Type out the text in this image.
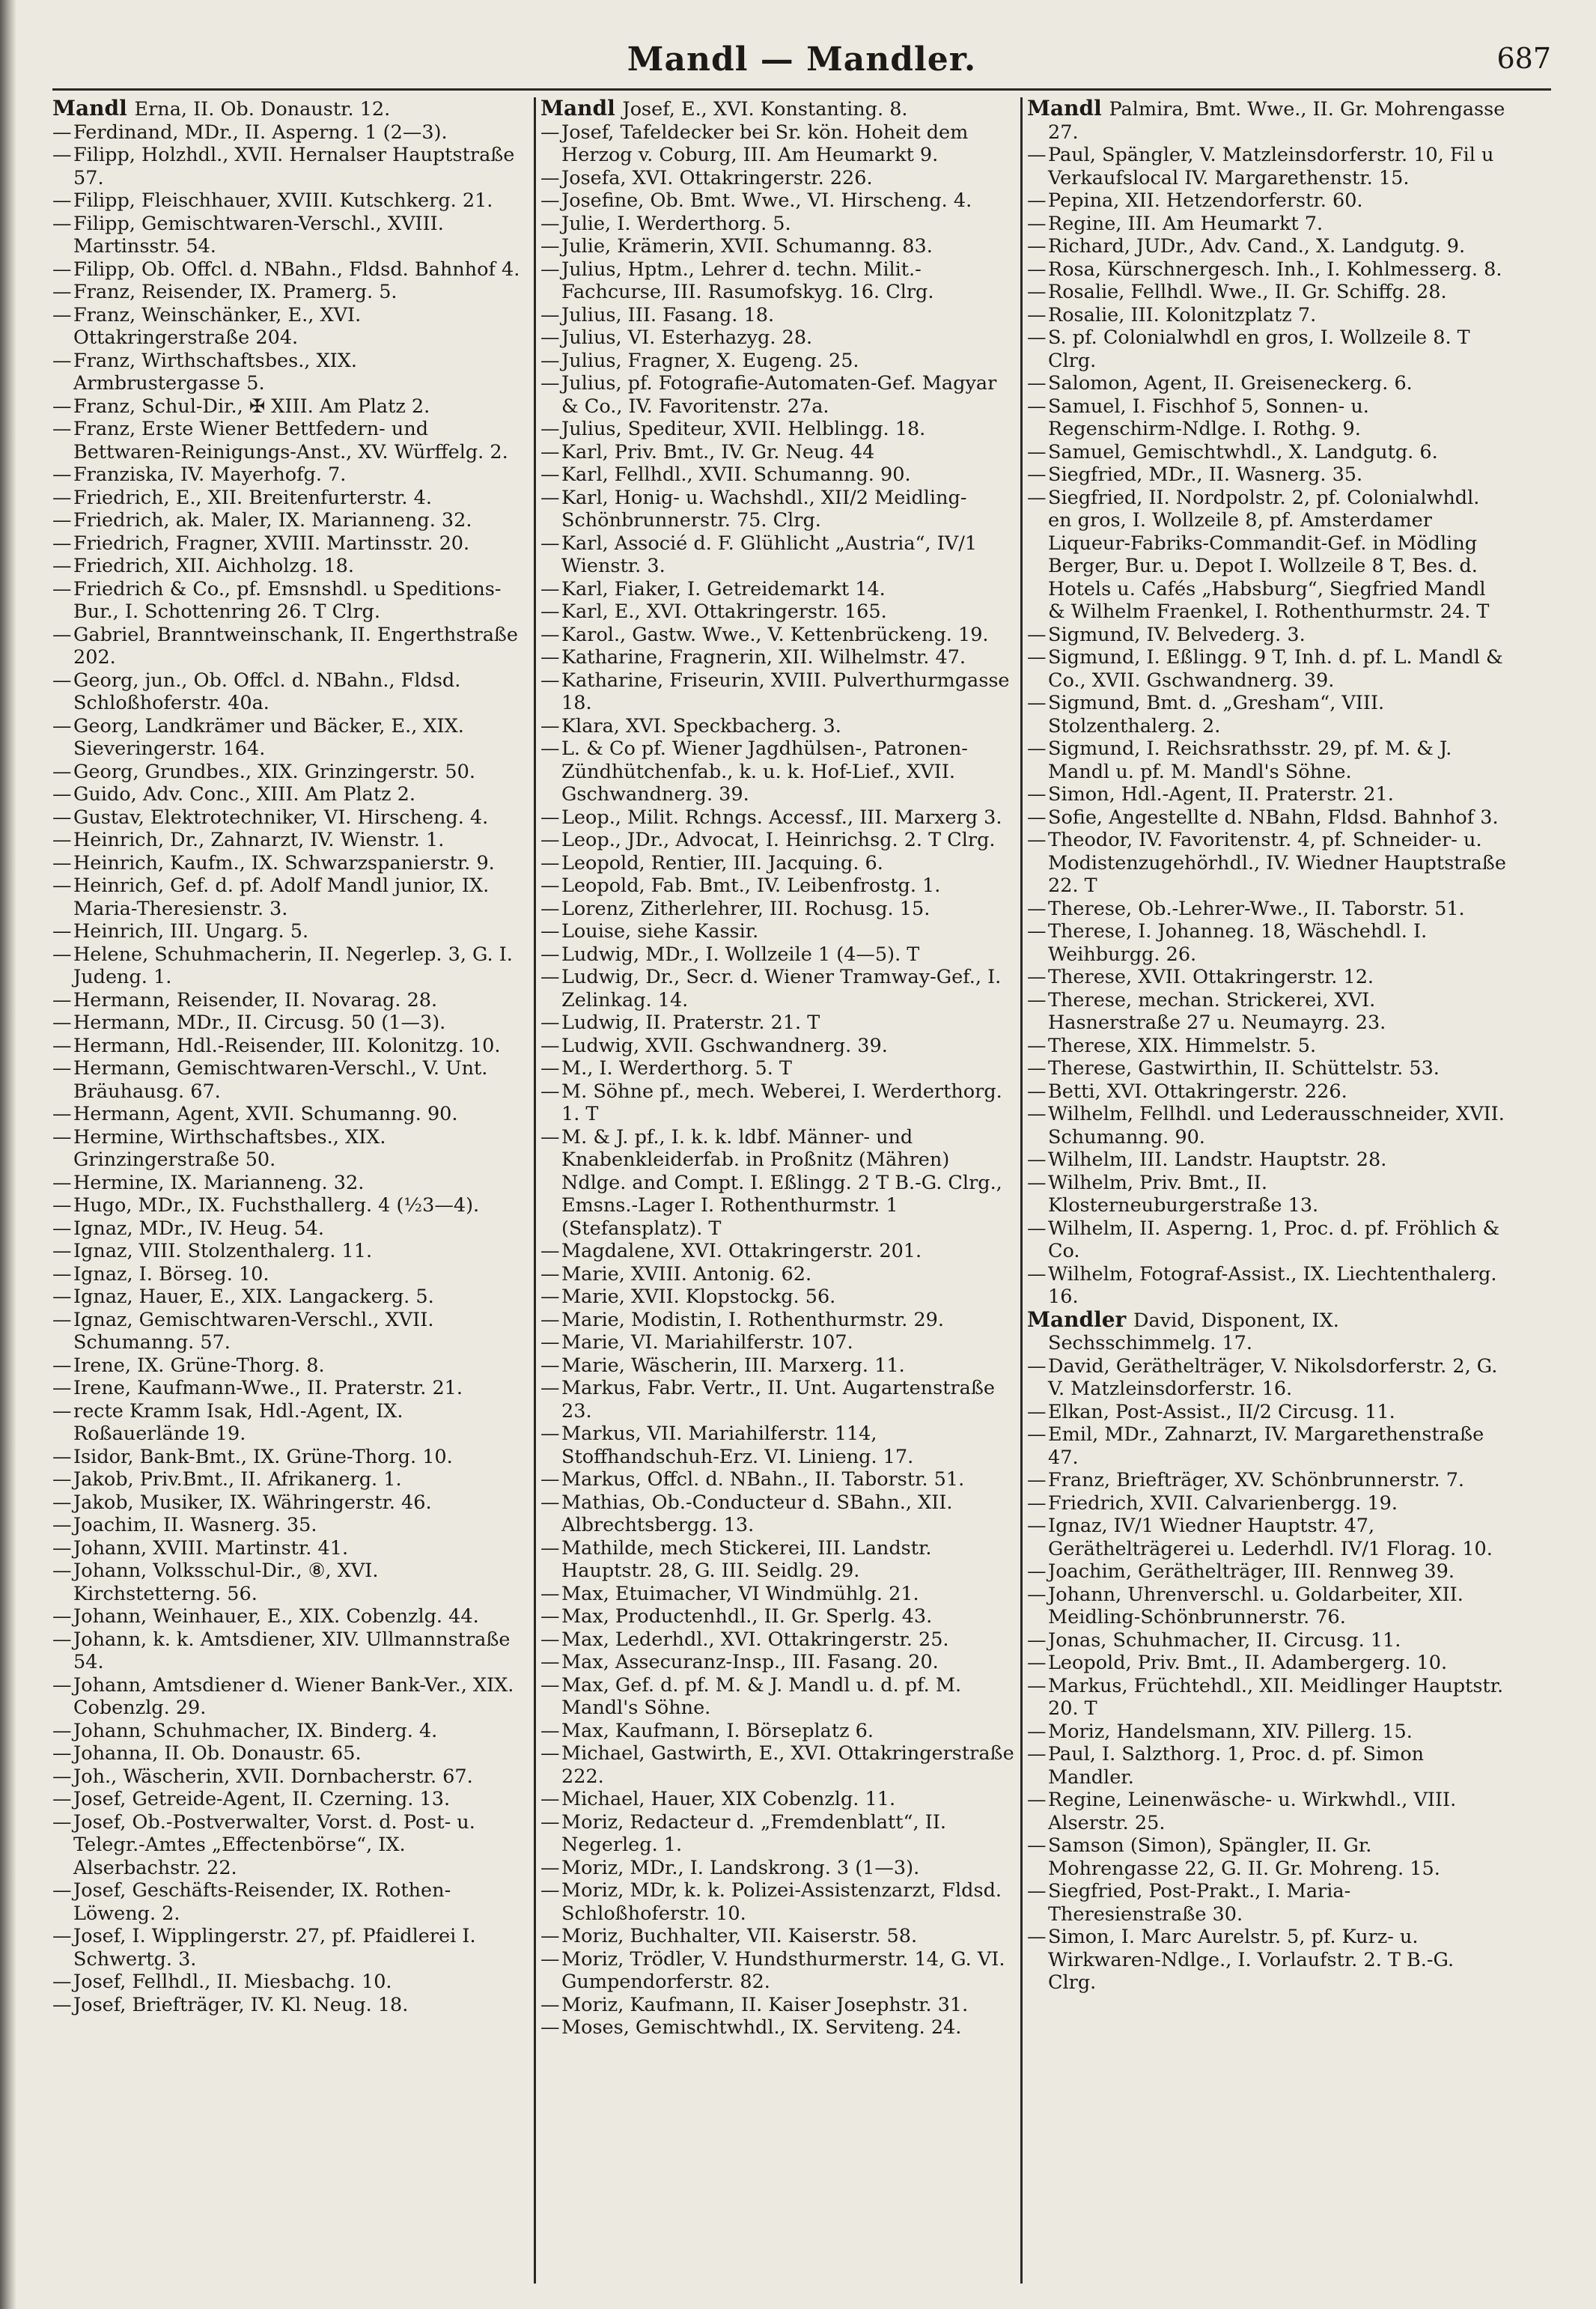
Mandl — Mandler.	687
Mandl Erna, II. Ob. Donaustr. 12.
—Ferdinand, MDr., II. Asperng. 1 (2—3).
—Filipp, Holzhdl., XVII. Hernalser Hauptstraße 57.
—Filipp, Fleischhauer, XVIII. Kutschkerg. 21.
—Filipp, Gemischtwaren-Verschl., XVIII. Martinsstr. 54.
—Filipp, Ob. Offcl. d. NBahn., Fldsd. Bahnhof 4.
—Franz, Reisender, IX. Pramerg. 5.
—Franz, Weinschänker, E., XVI. Ottakringerstraße 204.
—Franz, Wirthschaftsbes., XIX. Armbrustergasse 5.
—Franz, Schul-Dir., ✠ XIII. Am Platz 2.
—Franz, Erste Wiener Bettfedern- und Bettwaren-Reinigungs-Anst., XV. Würffelg. 2.
—Franziska, IV. Mayerhofg. 7.
—Friedrich, E., XII. Breitenfurterstr. 4.
—Friedrich, ak. Maler, IX. Marianneng. 32.
—Friedrich, Fragner, XVIII. Martinsstr. 20.
—Friedrich, XII. Aichholzg. 18.
—Friedrich & Co., pf. Emsnshdl. u Speditions-Bur., I. Schottenring 26. T Clrg.
—Gabriel, Branntweinschank, II. Engerthstraße 202.
—Georg, jun., Ob. Offcl. d. NBahn., Fldsd. Schloßhoferstr. 40a.
—Georg, Landkrämer und Bäcker, E., XIX. Sieveringerstr. 164.
—Georg, Grundbes., XIX. Grinzingerstr. 50.
—Guido, Adv. Conc., XIII. Am Platz 2.
—Gustav, Elektrotechniker, VI. Hirscheng. 4.
—Heinrich, Dr., Zahnarzt, IV. Wienstr. 1.
—Heinrich, Kaufm., IX. Schwarzspanierstr. 9.
—Heinrich, Gef. d. pf. Adolf Mandl junior, IX. Maria-Theresienstr. 3.
—Heinrich, III. Ungarg. 5.
—Helene, Schuhmacherin, II. Negerlep. 3, G. I. Judeng. 1.
—Hermann, Reisender, II. Novarag. 28.
—Hermann, MDr., II. Circusg. 50 (1—3).
—Hermann, Hdl.-Reisender, III. Kolonitzg. 10.
—Hermann, Gemischtwaren-Verschl., V. Unt. Bräuhausg. 67.
—Hermann, Agent, XVII. Schumanng. 90.
—Hermine, Wirthschaftsbes., XIX. Grinzingerstraße 50.
—Hermine, IX. Marianneng. 32.
—Hugo, MDr., IX. Fuchsthallerg. 4 (½3—4).
—Ignaz, MDr., IV. Heug. 54.
—Ignaz, VIII. Stolzenthalerg. 11.
—Ignaz, I. Börseg. 10.
—Ignaz, Hauer, E., XIX. Langackerg. 5.
—Ignaz, Gemischtwaren-Verschl., XVII. Schumanng. 57.
—Irene, IX. Grüne-Thorg. 8.
—Irene, Kaufmann-Wwe., II. Praterstr. 21.
—recte Kramm Isak, Hdl.-Agent, IX. Roßauerlände 19.
—Isidor, Bank-Bmt., IX. Grüne-Thorg. 10.
—Jakob, Priv.Bmt., II. Afrikanerg. 1.
—Jakob, Musiker, IX. Währingerstr. 46.
—Joachim, II. Wasnerg. 35.
—Johann, XVIII. Martinstr. 41.
—Johann, Volksschul-Dir., ⑧, XVI. Kirchstetterng. 56.
—Johann, Weinhauer, E., XIX. Cobenzlg. 44.
—Johann, k. k. Amtsdiener, XIV. Ullmannstraße 54.
—Johann, Amtsdiener d. Wiener Bank-Ver., XIX. Cobenzlg. 29.
—Johann, Schuhmacher, IX. Binderg. 4.
—Johanna, II. Ob. Donaustr. 65.
—Joh., Wäscherin, XVII. Dornbacherstr. 67.
—Josef, Getreide-Agent, II. Czerning. 13.
—Josef, Ob.-Postverwalter, Vorst. d. Post- u. Telegr.-Amtes „Effectenbörse“, IX. Alserbachstr. 22.
—Josef, Geschäfts-Reisender, IX. Rothen-Löweng. 2.
—Josef, I. Wipplingerstr. 27, pf. Pfaidlerei I. Schwertg. 3.
—Josef, Fellhdl., II. Miesbachg. 10.
—Josef, Briefträger, IV. Kl. Neug. 18.
Mandl Josef, E., XVI. Konstanting. 8.
—Josef, Tafeldecker bei Sr. kön. Hoheit dem Herzog v. Coburg, III. Am Heumarkt 9.
—Josefa, XVI. Ottakringerstr. 226.
—Josefine, Ob. Bmt. Wwe., VI. Hirscheng. 4.
—Julie, I. Werderthorg. 5.
—Julie, Krämerin, XVII. Schumanng. 83.
—Julius, Hptm., Lehrer d. techn. Milit.-Fachcurse, III. Rasumofskyg. 16. Clrg.
—Julius, III. Fasang. 18.
—Julius, VI. Esterhazyg. 28.
—Julius, Fragner, X. Eugeng. 25.
—Julius, pf. Fotografie-Automaten-Gef. Magyar & Co., IV. Favoritenstr. 27a.
—Julius, Spediteur, XVII. Helblingg. 18.
—Karl, Priv. Bmt., IV. Gr. Neug. 44
—Karl, Fellhdl., XVII. Schumanng. 90.
—Karl, Honig- u. Wachshdl., XII/2 Meidling-Schönbrunnerstr. 75. Clrg.
—Karl, Associé d. F. Glühlicht „Austria“, IV/1 Wienstr. 3.
—Karl, Fiaker, I. Getreidemarkt 14.
—Karl, E., XVI. Ottakringerstr. 165.
—Karol., Gastw. Wwe., V. Kettenbrückeng. 19.
—Katharine, Fragnerin, XII. Wilhelmstr. 47.
—Katharine, Friseurin, XVIII. Pulverthurmgasse 18.
—Klara, XVI. Speckbacherg. 3.
—L. & Co pf. Wiener Jagdhülsen-, Patronen-Zündhütchenfab., k. u. k. Hof-Lief., XVII. Gschwandnerg. 39.
—Leop., Milit. Rchngs. Accessf., III. Marxerg 3.
—Leop., JDr., Advocat, I. Heinrichsg. 2. T Clrg.
—Leopold, Rentier, III. Jacquing. 6.
—Leopold, Fab. Bmt., IV. Leibenfrostg. 1.
—Lorenz, Zitherlehrer, III. Rochusg. 15.
—Louise, siehe Kassir.
—Ludwig, MDr., I. Wollzeile 1 (4—5). T
—Ludwig, Dr., Secr. d. Wiener Tramway-Gef., I. Zelinkag. 14.
—Ludwig, II. Praterstr. 21. T
—Ludwig, XVII. Gschwandnerg. 39.
—M., I. Werderthorg. 5. T
—M. Söhne pf., mech. Weberei, I. Werderthorg. 1. T
—M. & J. pf., I. k. k. ldbf. Männer- und Knabenkleiderfab. in Proßnitz (Mähren) Ndlge. and Compt. I. Eßlingg. 2 T B.-G. Clrg., Emsns.-Lager I. Rothenthurmstr. 1 (Stefansplatz). T
—Magdalene, XVI. Ottakringerstr. 201.
—Marie, XVIII. Antonig. 62.
—Marie, XVII. Klopstockg. 56.
—Marie, Modistin, I. Rothenthurmstr. 29.
—Marie, VI. Mariahilferstr. 107.
—Marie, Wäscherin, III. Marxerg. 11.
—Markus, Fabr. Vertr., II. Unt. Augartenstraße 23.
—Markus, VII. Mariahilferstr. 114, Stoffhandschuh-Erz. VI. Linieng. 17.
—Markus, Offcl. d. NBahn., II. Taborstr. 51.
—Mathias, Ob.-Conducteur d. SBahn., XII. Albrechtsbergg. 13.
—Mathilde, mech Stickerei, III. Landstr. Hauptstr. 28, G. III. Seidlg. 29.
—Max, Etuimacher, VI Windmühlg. 21.
—Max, Productenhdl., II. Gr. Sperlg. 43.
—Max, Lederhdl., XVI. Ottakringerstr. 25.
—Max, Assecuranz-Insp., III. Fasang. 20.
—Max, Gef. d. pf. M. & J. Mandl u. d. pf. M. Mandl's Söhne.
—Max, Kaufmann, I. Börseplatz 6.
—Michael, Gastwirth, E., XVI. Ottakringerstraße 222.
—Michael, Hauer, XIX Cobenzlg. 11.
—Moriz, Redacteur d. „Fremdenblatt“, II. Negerleg. 1.
—Moriz, MDr., I. Landskrong. 3 (1—3).
—Moriz, MDr, k. k. Polizei-Assistenzarzt, Fldsd. Schloßhoferstr. 10.
—Moriz, Buchhalter, VII. Kaiserstr. 58.
—Moriz, Trödler, V. Hundsthurmerstr. 14, G. VI. Gumpendorferstr. 82.
—Moriz, Kaufmann, II. Kaiser Josephstr. 31.
—Moses, Gemischtwhdl., IX. Serviteng. 24.
Mandl Palmira, Bmt. Wwe., II. Gr. Mohrengasse 27.
—Paul, Spängler, V. Matzleinsdorferstr. 10, Fil u Verkaufslocal IV. Margarethenstr. 15.
—Pepina, XII. Hetzendorferstr. 60.
—Regine, III. Am Heumarkt 7.
—Richard, JUDr., Adv. Cand., X. Landgutg. 9.
—Rosa, Kürschnergesch. Inh., I. Kohlmesserg. 8.
—Rosalie, Fellhdl. Wwe., II. Gr. Schiffg. 28.
—Rosalie, III. Kolonitzplatz 7.
—S. pf. Colonialwhdl en gros, I. Wollzeile 8. T Clrg.
—Salomon, Agent, II. Greiseneckerg. 6.
—Samuel, I. Fischhof 5, Sonnen- u. Regenschirm-Ndlge. I. Rothg. 9.
—Samuel, Gemischtwhdl., X. Landgutg. 6.
—Siegfried, MDr., II. Wasnerg. 35.
—Siegfried, II. Nordpolstr. 2, pf. Colonialwhdl. en gros, I. Wollzeile 8, pf. Amsterdamer Liqueur-Fabriks-Commandit-Gef. in Mödling Berger, Bur. u. Depot I. Wollzeile 8 T, Bes. d. Hotels u. Cafés „Habsburg“, Siegfried Mandl & Wilhelm Fraenkel, I. Rothenthurmstr. 24. T
—Sigmund, IV. Belvederg. 3.
—Sigmund, I. Eßlingg. 9 T, Inh. d. pf. L. Mandl & Co., XVII. Gschwandnerg. 39.
—Sigmund, Bmt. d. „Gresham“, VIII. Stolzenthalerg. 2.
—Sigmund, I. Reichsrathsstr. 29, pf. M. & J. Mandl u. pf. M. Mandl's Söhne.
—Simon, Hdl.-Agent, II. Praterstr. 21.
—Sofie, Angestellte d. NBahn, Fldsd. Bahnhof 3.
—Theodor, IV. Favoritenstr. 4, pf. Schneider- u. Modistenzugehörhdl., IV. Wiedner Hauptstraße 22. T
—Therese, Ob.-Lehrer-Wwe., II. Taborstr. 51.
—Therese, I. Johanneg. 18, Wäschehdl. I. Weihburgg. 26.
—Therese, XVII. Ottakringerstr. 12.
—Therese, mechan. Strickerei, XVI. Hasnerstraße 27 u. Neumayrg. 23.
—Therese, XIX. Himmelstr. 5.
—Therese, Gastwirthin, II. Schüttelstr. 53.
—Betti, XVI. Ottakringerstr. 226.
—Wilhelm, Fellhdl. und Lederausschneider, XVII. Schumanng. 90.
—Wilhelm, III. Landstr. Hauptstr. 28.
—Wilhelm, Priv. Bmt., II. Klosterneuburgerstraße 13.
—Wilhelm, II. Asperng. 1, Proc. d. pf. Fröhlich & Co.
—Wilhelm, Fotograf-Assist., IX. Liechtenthalerg. 16.
Mandler David, Disponent, IX. Sechsschimmelg. 17.
—David, Geräthelträger, V. Nikolsdorferstr. 2, G. V. Matzleinsdorferstr. 16.
—Elkan, Post-Assist., II/2 Circusg. 11.
—Emil, MDr., Zahnarzt, IV. Margarethenstraße 47.
—Franz, Briefträger, XV. Schönbrunnerstr. 7.
—Friedrich, XVII. Calvarienbergg. 19.
—Ignaz, IV/1 Wiedner Hauptstr. 47, Geräthelträgerei u. Lederhdl. IV/1 Florag. 10.
—Joachim, Geräthelträger, III. Rennweg 39.
—Johann, Uhrenverschl. u. Goldarbeiter, XII. Meidling-Schönbrunnerstr. 76.
—Jonas, Schuhmacher, II. Circusg. 11.
—Leopold, Priv. Bmt., II. Adambergerg. 10.
—Markus, Früchtehdl., XII. Meidlinger Hauptstr. 20. T
—Moriz, Handelsmann, XIV. Pillerg. 15.
—Paul, I. Salzthorg. 1, Proc. d. pf. Simon Mandler.
—Regine, Leinenwäsche- u. Wirkwhdl., VIII. Alserstr. 25.
—Samson (Simon), Spängler, II. Gr. Mohrengasse 22, G. II. Gr. Mohreng. 15.
—Siegfried, Post-Prakt., I. Maria-Theresienstraße 30.
—Simon, I. Marc Aurelstr. 5, pf. Kurz- u. Wirkwaren-Ndlge., I. Vorlaufstr. 2. T B.-G. Clrg.
